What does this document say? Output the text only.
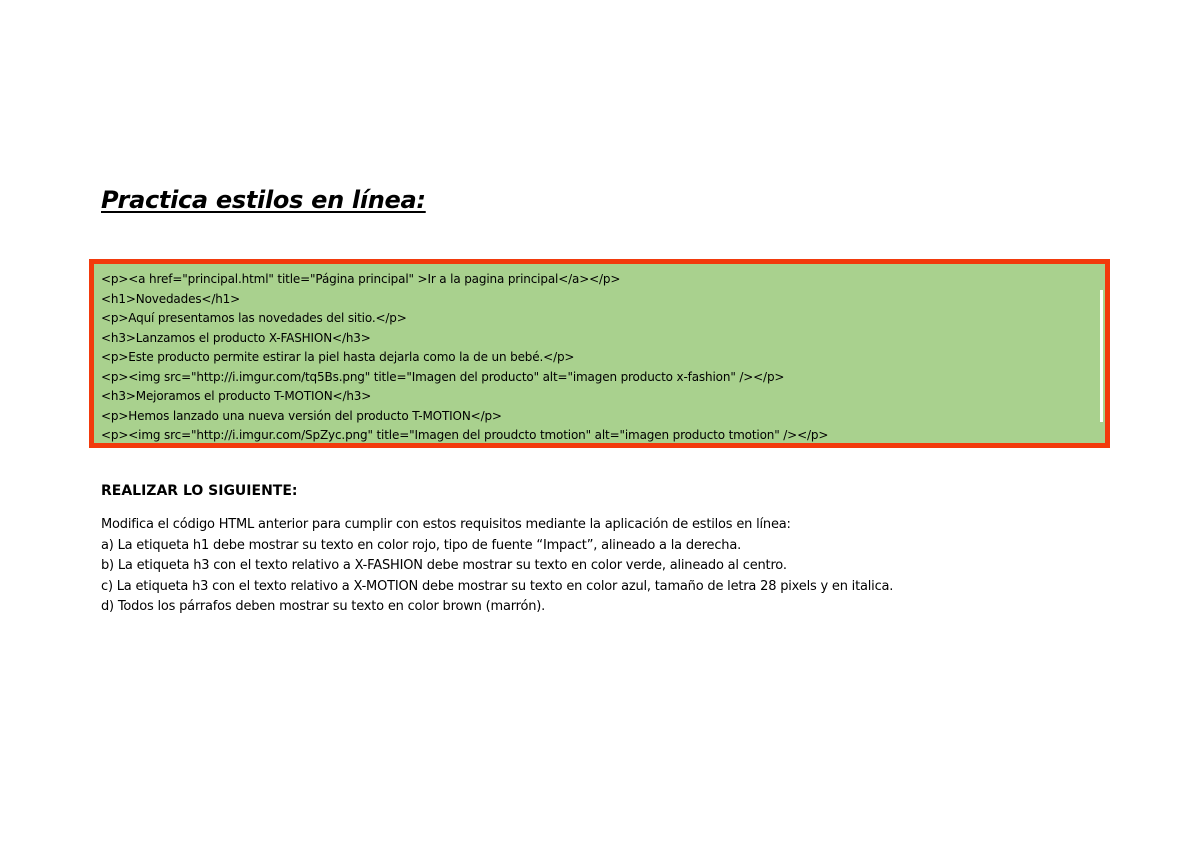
Practica estilos en línea:
<p><a href="principal.html" title="Página principal" >Ir a la pagina principal</a></p>
<h1>Novedades</h1>
<p>Aquí presentamos las novedades del sitio.</p>
<h3>Lanzamos el producto X-FASHION</h3>
<p>Este producto permite estirar la piel hasta dejarla como la de un bebé.</p>
<p><img src="http://i.imgur.com/tq5Bs.png" title="Imagen del producto" alt="imagen producto x-fashion" /></p>
<h3>Mejoramos el producto T-MOTION</h3>
<p>Hemos lanzado una nueva versión del producto T-MOTION</p>
<p><img src="http://i.imgur.com/SpZyc.png" title="Imagen del proudcto tmotion" alt="imagen producto tmotion" /></p>
REALIZAR LO SIGUIENTE:
Modifica el código HTML anterior para cumplir con estos requisitos mediante la aplicación de estilos en línea:
a) La etiqueta h1 debe mostrar su texto en color rojo, tipo de fuente “Impact”, alineado a la derecha.
b) La etiqueta h3 con el texto relativo a X-FASHION debe mostrar su texto en color verde, alineado al centro.
c) La etiqueta h3 con el texto relativo a X-MOTION debe mostrar su texto en color azul, tamaño de letra 28 pixels y en italica.
d) Todos los párrafos deben mostrar su texto en color brown (marrón).
